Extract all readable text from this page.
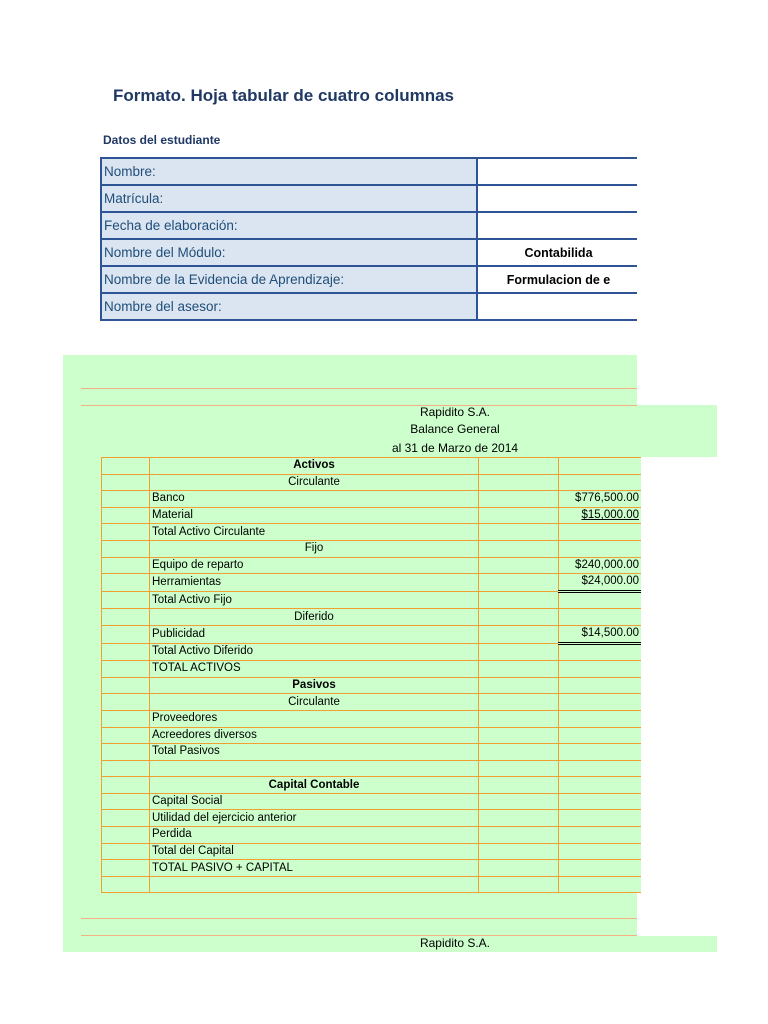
Formato. Hoja tabular de cuatro columnas
Datos del estudiante
Nombre:	
Matrícula:	
Fecha de elaboración:	
Nombre del Módulo:	Contabilida
Nombre de la Evidencia de Aprendizaje:	Formulacion de e
Nombre del asesor:	
Rapidito S.A.
Balance General
al 31 de Marzo de 2014
	Activos		
	Circulante		
	Banco		$776,500.00
	Material		$15,000.00
	Total Activo Circulante		
	Fijo		
	Equipo de reparto		$240,000.00
	Herramientas		$24,000.00
	Total Activo Fijo		
	Diferido		
	Publicidad		$14,500.00
	Total Activo Diferido		
	TOTAL ACTIVOS		
	Pasivos		
	Circulante		
	Proveedores		
	Acreedores diversos		
	Total Pasivos		

	Capital Contable		
	Capital Social		
	Utilidad del ejercicio anterior		
	Perdida		
	Total del Capital		
	TOTAL PASIVO + CAPITAL		

Rapidito S.A.
